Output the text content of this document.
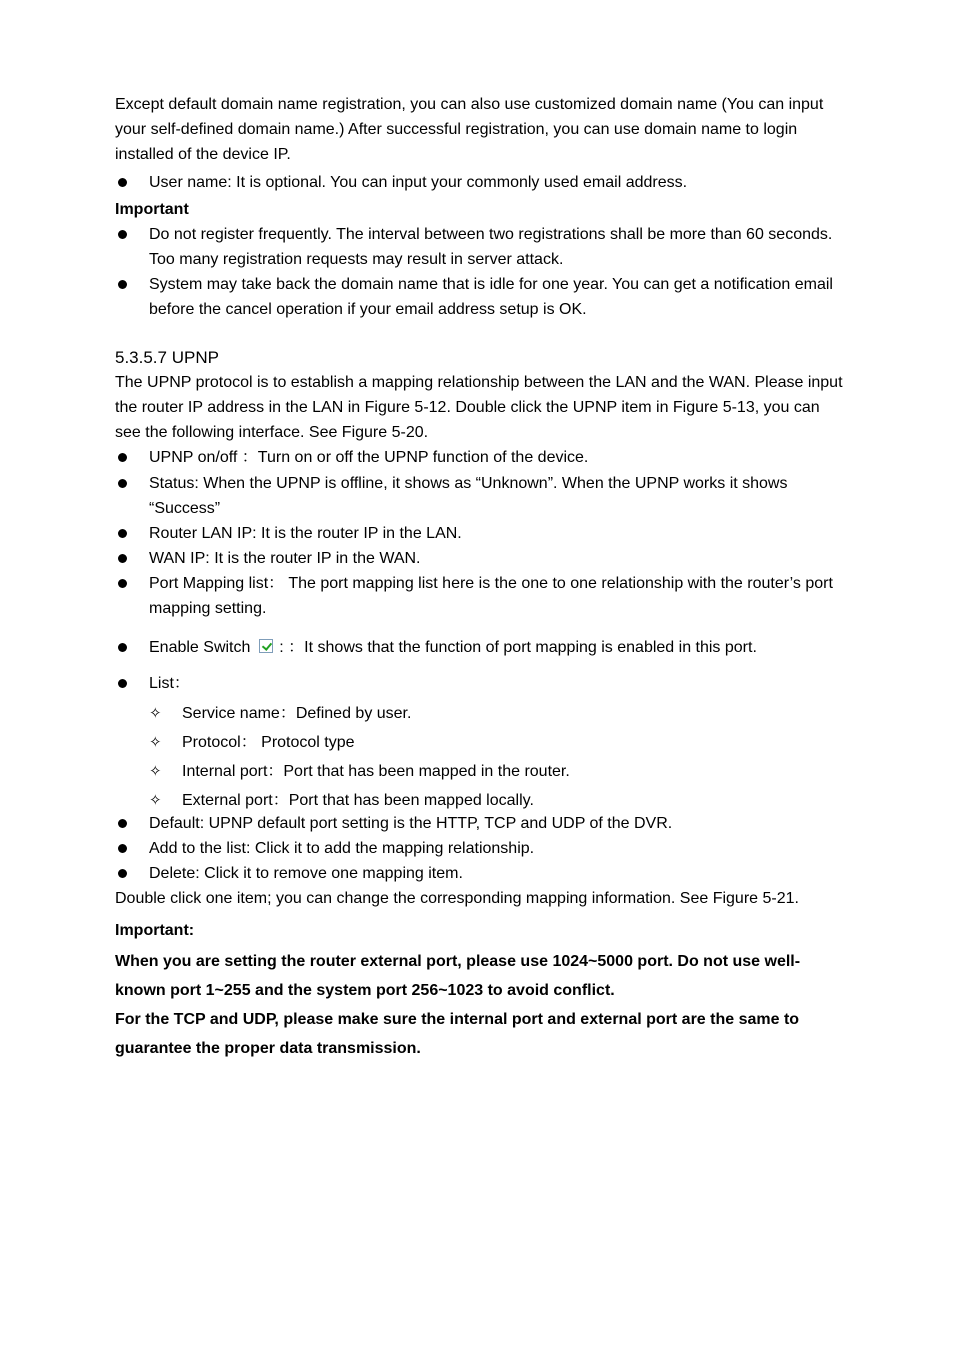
Except default domain name registration, you can also use customized domain name (You can input your self-defined domain name.) After successful registration, you can use domain name to login installed of the device IP.

User name: It is optional. You can input your commonly used email address.

Important

Do not register frequently. The interval between two registrations shall be more than 60 seconds. Too many registration requests may result in server attack.
System may take back the domain name that is idle for one year. You can get a notification email before the cancel operation if your email address setup is OK.

5.3.5.7 UPNP

The UPNP protocol is to establish a mapping relationship between the LAN and the WAN. Please input the router IP address in the LAN in Figure 5-12. Double click the UPNP item in Figure 5-13, you can see the following interface. See Figure 5-20.

UPNP on/off ：Turn on or off the UPNP function of the device.
Status: When the UPNP is offline, it shows as “Unknown”. When the UPNP works it shows “Success”
Router LAN IP: It is the router IP in the LAN.
WAN IP: It is the router IP in the WAN.
Port Mapping list： The port mapping list here is the one to one relationship with the router’s port mapping setting.
Enable Switch  : ：It shows that the function of port mapping is enabled in this port.
List：
✧ Service name：Defined by user.
✧ Protocol： Protocol type
✧ Internal port：Port that has been mapped in the router.
✧ External port：Port that has been mapped locally.
Default: UPNP default port setting is the HTTP, TCP and UDP of the DVR.
Add to the list: Click it to add the mapping relationship.
Delete: Click it to remove one mapping item.

Double click one item; you can change the corresponding mapping information. See Figure 5-21.

Important:

When you are setting the router external port, please use 1024~5000 port. Do not use well-known port 1~255 and the system port 256~1023 to avoid conflict.

For the TCP and UDP, please make sure the internal port and external port are the same to guarantee the proper data transmission.
